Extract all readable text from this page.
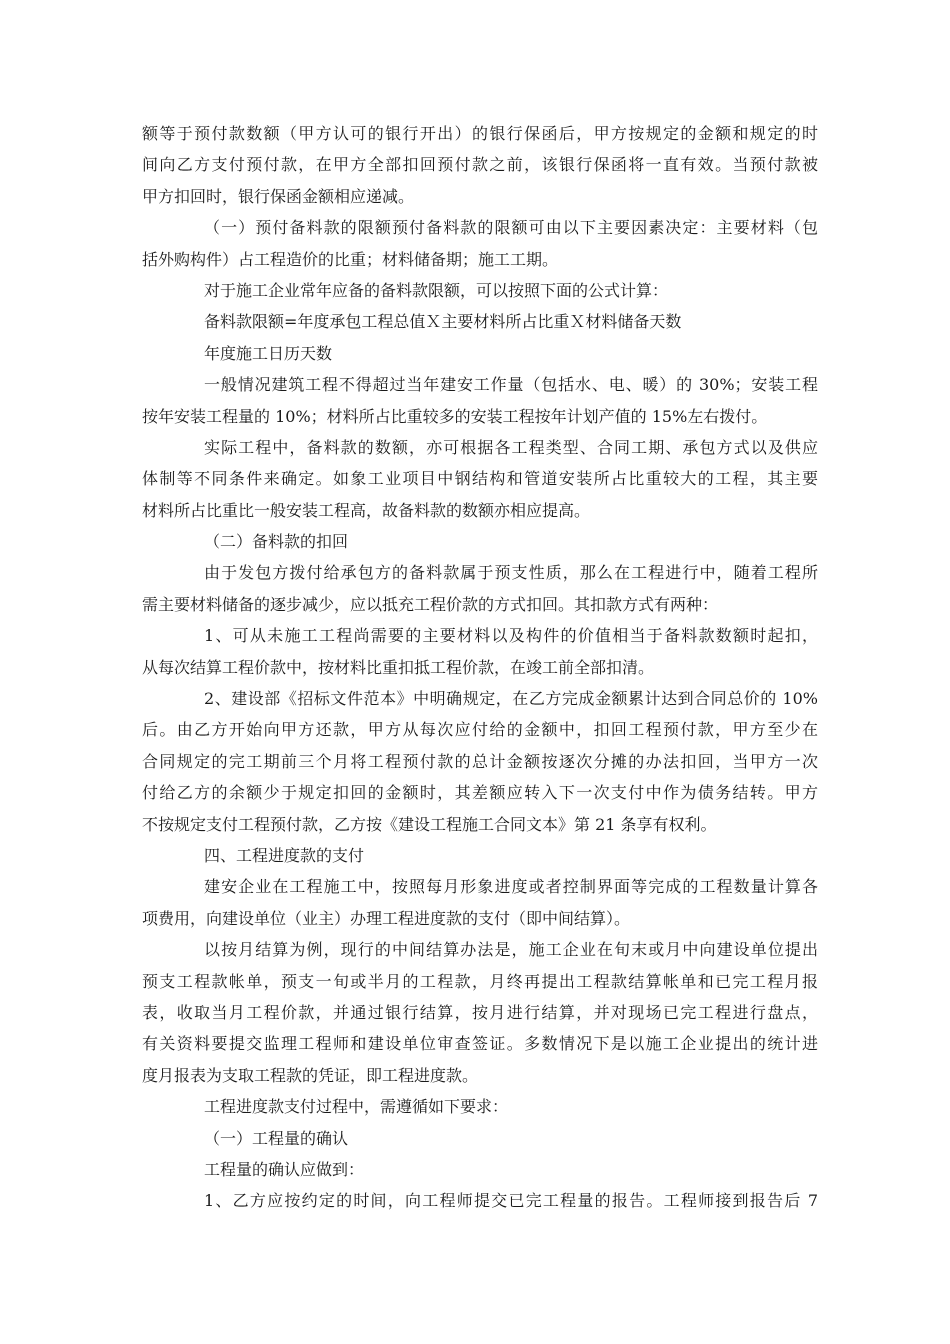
额等于预付款数额（甲方认可的银行开出）的银行保函后，甲方按规定的金额和规定的时
间向乙方支付预付款，在甲方全部扣回预付款之前，该银行保函将一直有效。当预付款被
甲方扣回时，银行保函金额相应递减。
（一）预付备料款的限额预付备料款的限额可由以下主要因素决定：主要材料（包
括外购构件）占工程造价的比重；材料储备期；施工工期。
对于施工企业常年应备的备料款限额，可以按照下面的公式计算：
备料款限额=年度承包工程总值Ｘ主要材料所占比重Ｘ材料储备天数
年度施工日历天数
一般情况建筑工程不得超过当年建安工作量（包括水、电、暖）的 30%；安装工程
按年安装工程量的 10%；材料所占比重较多的安装工程按年计划产值的 15%左右拨付。
实际工程中，备料款的数额，亦可根据各工程类型、合同工期、承包方式以及供应
体制等不同条件来确定。如象工业项目中钢结构和管道安装所占比重较大的工程，其主要
材料所占比重比一般安装工程高，故备料款的数额亦相应提高。
（二）备料款的扣回
由于发包方拨付给承包方的备料款属于预支性质，那么在工程进行中，随着工程所
需主要材料储备的逐步减少，应以抵充工程价款的方式扣回。其扣款方式有两种：
1、可从未施工工程尚需要的主要材料以及构件的价值相当于备料款数额时起扣，
从每次结算工程价款中，按材料比重扣抵工程价款，在竣工前全部扣清。
2、建设部《招标文件范本》中明确规定，在乙方完成金额累计达到合同总价的 10%
后。由乙方开始向甲方还款，甲方从每次应付给的金额中，扣回工程预付款，甲方至少在
合同规定的完工期前三个月将工程预付款的总计金额按逐次分摊的办法扣回，当甲方一次
付给乙方的余额少于规定扣回的金额时，其差额应转入下一次支付中作为债务结转。甲方
不按规定支付工程预付款，乙方按《建设工程施工合同文本》第 21 条享有权利。
四、工程进度款的支付
建安企业在工程施工中，按照每月形象进度或者控制界面等完成的工程数量计算各
项费用，向建设单位（业主）办理工程进度款的支付（即中间结算）。
以按月结算为例，现行的中间结算办法是，施工企业在旬末或月中向建设单位提出
预支工程款帐单，预支一旬或半月的工程款，月终再提出工程款结算帐单和已完工程月报
表，收取当月工程价款，并通过银行结算，按月进行结算，并对现场已完工程进行盘点，
有关资料要提交监理工程师和建设单位审查签证。多数情况下是以施工企业提出的统计进
度月报表为支取工程款的凭证，即工程进度款。
工程进度款支付过程中，需遵循如下要求：
（一）工程量的确认
工程量的确认应做到：
1、乙方应按约定的时间，向工程师提交已完工程量的报告。工程师接到报告后 7
